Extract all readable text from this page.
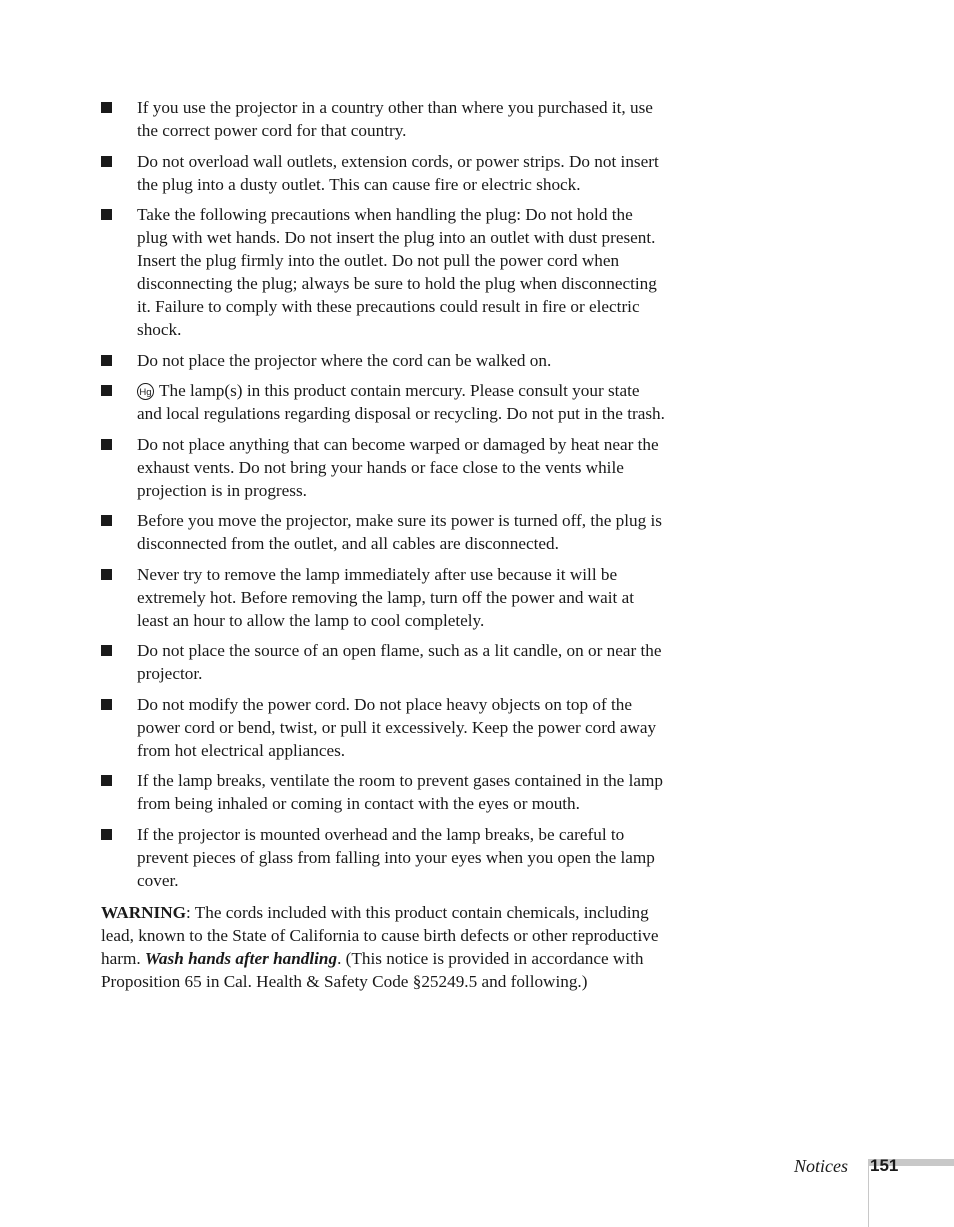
If you use the projector in a country other than where you purchased it, use the correct power cord for that country.
Do not overload wall outlets, extension cords, or power strips. Do not insert the plug into a dusty outlet. This can cause fire or electric shock.
Take the following precautions when handling the plug: Do not hold the plug with wet hands. Do not insert the plug into an outlet with dust present. Insert the plug firmly into the outlet. Do not pull the power cord when disconnecting the plug; always be sure to hold the plug when disconnecting it. Failure to comply with these precautions could result in fire or electric shock.
Do not place the projector where the cord can be walked on.
Hg The lamp(s) in this product contain mercury. Please consult your state and local regulations regarding disposal or recycling. Do not put in the trash.
Do not place anything that can become warped or damaged by heat near the exhaust vents. Do not bring your hands or face close to the vents while projection is in progress.
Before you move the projector, make sure its power is turned off, the plug is disconnected from the outlet, and all cables are disconnected.
Never try to remove the lamp immediately after use because it will be extremely hot. Before removing the lamp, turn off the power and wait at least an hour to allow the lamp to cool completely.
Do not place the source of an open flame, such as a lit candle, on or near the projector.
Do not modify the power cord. Do not place heavy objects on top of the power cord or bend, twist, or pull it excessively. Keep the power cord away from hot electrical appliances.
If the lamp breaks, ventilate the room to prevent gases contained in the lamp from being inhaled or coming in contact with the eyes or mouth.
If the projector is mounted overhead and the lamp breaks, be careful to prevent pieces of glass from falling into your eyes when you open the lamp cover.

WARNING: The cords included with this product contain chemicals, including lead, known to the State of California to cause birth defects or other reproductive harm. Wash hands after handling. (This notice is provided in accordance with Proposition 65 in Cal. Health & Safety Code §25249.5 and following.)

Notices 151
